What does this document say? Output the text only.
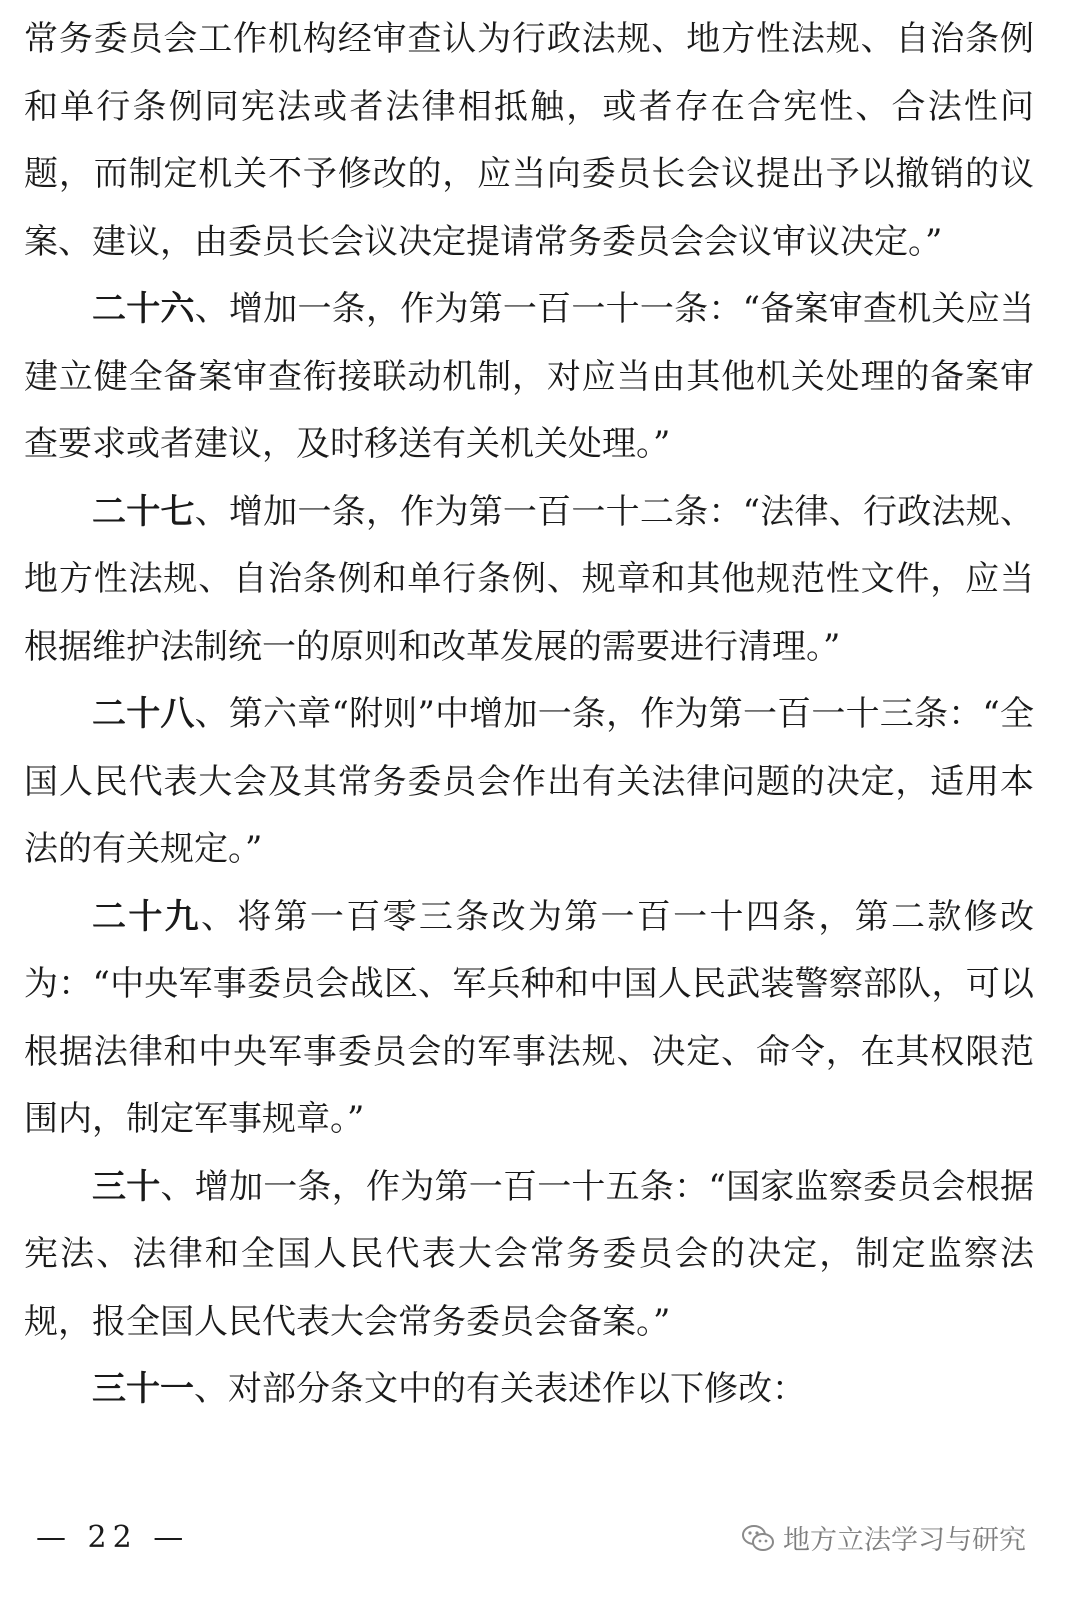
常务委员会工作机构经审查认为行政法规、地方性法规、自治条例和单行条例同宪法或者法律相抵触，或者存在合宪性、合法性问题，而制定机关不予修改的，应当向委员长会议提出予以撤销的议案、建议，由委员长会议决定提请常务委员会会议审议决定。”

二十六、增加一条，作为第一百一十一条：“备案审查机关应当建立健全备案审查衔接联动机制，对应当由其他机关处理的备案审查要求或者建议，及时移送有关机关处理。”

二十七、增加一条，作为第一百一十二条：“法律、行政法规、地方性法规、自治条例和单行条例、规章和其他规范性文件，应当根据维护法制统一的原则和改革发展的需要进行清理。”

二十八、第六章“附则”中增加一条，作为第一百一十三条：“全国人民代表大会及其常务委员会作出有关法律问题的决定，适用本法的有关规定。”

二十九、将第一百零三条改为第一百一十四条，第二款修改为：“中央军事委员会战区、军兵种和中国人民武装警察部队，可以根据法律和中央军事委员会的军事法规、决定、命令，在其权限范围内，制定军事规章。”

三十、增加一条，作为第一百一十五条：“国家监察委员会根据宪法、法律和全国人民代表大会常务委员会的决定，制定监察法规，报全国人民代表大会常务委员会备案。”

三十一、对部分条文中的有关表述作以下修改：

— 22 —	地方立法学习与研究
